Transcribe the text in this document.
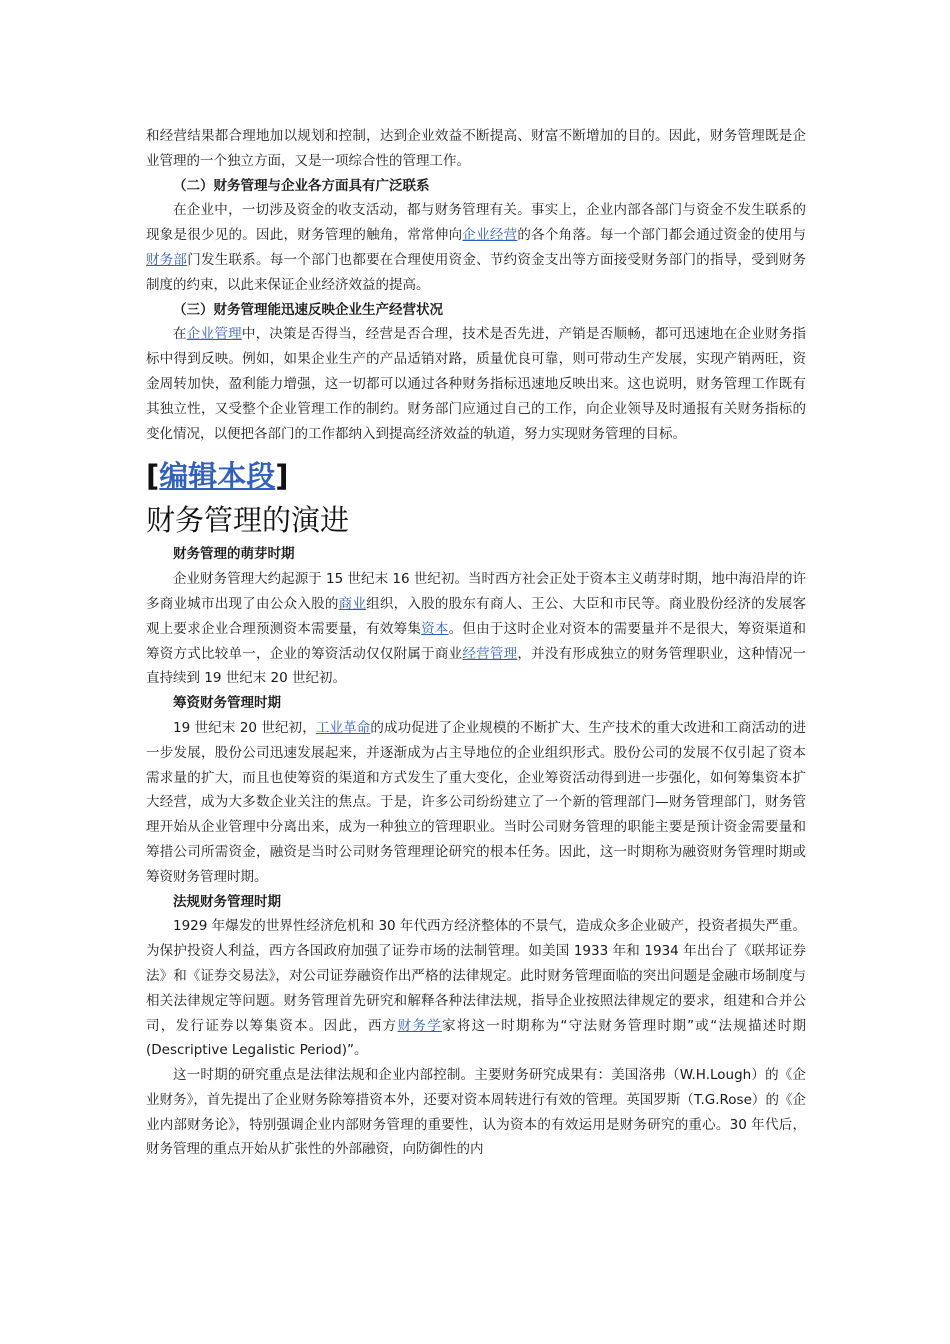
和经营结果都合理地加以规划和控制，达到企业效益不断提高、财富不断增加的目的。因此，财务管理既是企业管理的一个独立方面，又是一项综合性的管理工作。

（二）财务管理与企业各方面具有广泛联系

在企业中，一切涉及资金的收支活动，都与财务管理有关。事实上，企业内部各部门与资金不发生联系的现象是很少见的。因此，财务管理的触角，常常伸向企业经营的各个角落。每一个部门都会通过资金的使用与财务部门发生联系。每一个部门也都要在合理使用资金、节约资金支出等方面接受财务部门的指导，受到财务制度的约束，以此来保证企业经济效益的提高。

（三）财务管理能迅速反映企业生产经营状况

在企业管理中，决策是否得当，经营是否合理，技术是否先进，产销是否顺畅，都可迅速地在企业财务指标中得到反映。例如，如果企业生产的产品适销对路，质量优良可靠，则可带动生产发展，实现产销两旺，资金周转加快，盈利能力增强，这一切都可以通过各种财务指标迅速地反映出来。这也说明，财务管理工作既有其独立性，又受整个企业管理工作的制约。财务部门应通过自己的工作，向企业领导及时通报有关财务指标的变化情况，以便把各部门的工作都纳入到提高经济效益的轨道，努力实现财务管理的目标。

[编辑本段]
财务管理的演进

财务管理的萌芽时期

企业财务管理大约起源于 15 世纪末 16 世纪初。当时西方社会正处于资本主义萌芽时期，地中海沿岸的许多商业城市出现了由公众入股的商业组织，入股的股东有商人、王公、大臣和市民等。商业股份经济的发展客观上要求企业合理预测资本需要量，有效筹集资本。但由于这时企业对资本的需要量并不是很大，筹资渠道和筹资方式比较单一，企业的筹资活动仅仅附属于商业经营管理，并没有形成独立的财务管理职业，这种情况一直持续到 19 世纪末 20 世纪初。

筹资财务管理时期

19 世纪末 20 世纪初，工业革命的成功促进了企业规模的不断扩大、生产技术的重大改进和工商活动的进一步发展，股份公司迅速发展起来，并逐渐成为占主导地位的企业组织形式。股份公司的发展不仅引起了资本需求量的扩大，而且也使筹资的渠道和方式发生了重大变化，企业筹资活动得到进一步强化，如何筹集资本扩大经营，成为大多数企业关注的焦点。于是，许多公司纷纷建立了一个新的管理部门—财务管理部门，财务管理开始从企业管理中分离出来，成为一种独立的管理职业。当时公司财务管理的职能主要是预计资金需要量和筹措公司所需资金，融资是当时公司财务管理理论研究的根本任务。因此，这一时期称为融资财务管理时期或筹资财务管理时期。

法规财务管理时期

1929 年爆发的世界性经济危机和 30 年代西方经济整体的不景气，造成众多企业破产，投资者损失严重。为保护投资人利益，西方各国政府加强了证券市场的法制管理。如美国 1933 年和 1934 年出台了《联邦证券法》和《证券交易法》，对公司证券融资作出严格的法律规定。此时财务管理面临的突出问题是金融市场制度与相关法律规定等问题。财务管理首先研究和解释各种法律法规，指导企业按照法律规定的要求，组建和合并公司，发行证券以筹集资本。因此，西方财务学家将这一时期称为“守法财务管理时期”或“法规描述时期(Descriptive Legalistic Period)”。

这一时期的研究重点是法律法规和企业内部控制。主要财务研究成果有：美国洛弗（W.H.Lough）的《企业财务》，首先提出了企业财务除筹措资本外，还要对资本周转进行有效的管理。英国罗斯（T.G.Rose）的《企业内部财务论》，特别强调企业内部财务管理的重要性，认为资本的有效运用是财务研究的重心。30 年代后，财务管理的重点开始从扩张性的外部融资，向防御性的内
